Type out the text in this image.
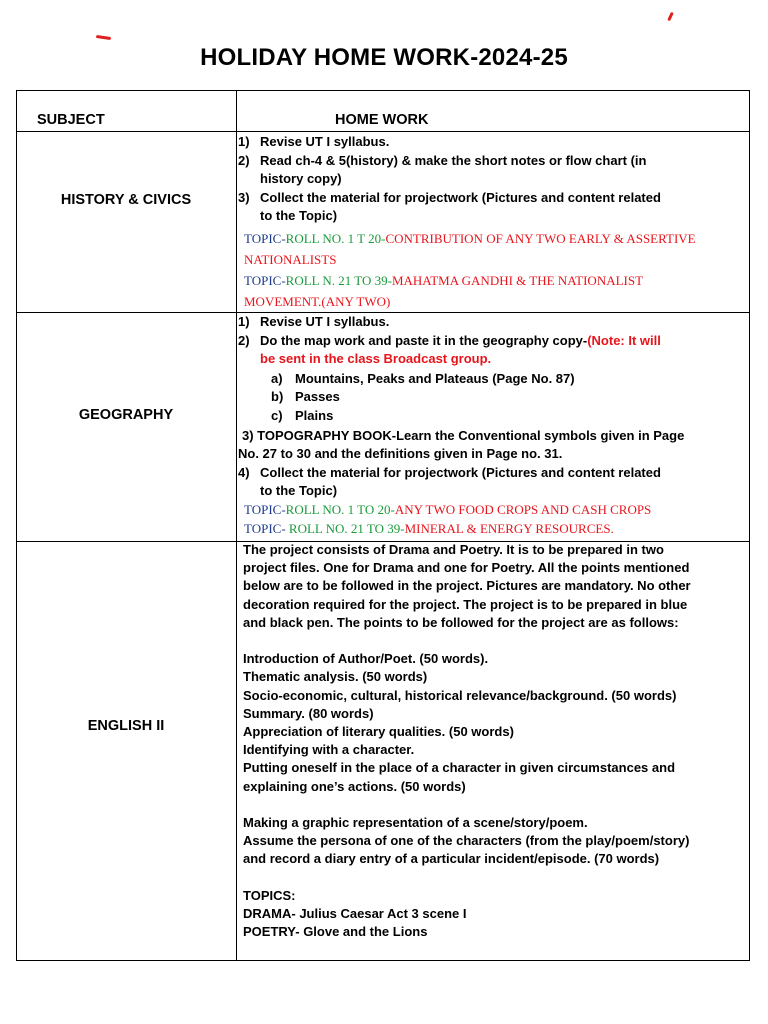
HOLIDAY HOME WORK-2024-25
SUBJECT	HOME WORK
HISTORY & CIVICS
1) Revise UT I syllabus.
2) Read ch-4 & 5(history) & make the short notes or flow chart (in
history copy)
3) Collect the material for projectwork (Pictures and content related
to the Topic)
TOPIC-ROLL NO. 1 T 20-CONTRIBUTION OF ANY TWO EARLY & ASSERTIVE
NATIONALISTS
TOPIC-ROLL N. 21 TO 39-MAHATMA GANDHI & THE NATIONALIST
MOVEMENT.(ANY TWO)
GEOGRAPHY
1) Revise UT I syllabus.
2) Do the map work and paste it in the geography copy-(Note: It will
be sent in the class Broadcast group.
a) Mountains, Peaks and Plateaus (Page No. 87)
b) Passes
c) Plains
3) TOPOGRAPHY BOOK-Learn the Conventional symbols given in Page
No. 27 to 30 and the definitions given in Page no. 31.
4) Collect the material for projectwork (Pictures and content related
to the Topic)
TOPIC-ROLL NO. 1 TO 20-ANY TWO FOOD CROPS AND CASH CROPS
TOPIC- ROLL NO. 21 TO 39-MINERAL & ENERGY RESOURCES.
ENGLISH II
The project consists of Drama and Poetry. It is to be prepared in two
project files. One for Drama and one for Poetry. All the points mentioned
below are to be followed in the project. Pictures are mandatory. No other
decoration required for the project. The project is to be prepared in blue
and black pen. The points to be followed for the project are as follows:
Introduction of Author/Poet. (50 words).
Thematic analysis. (50 words)
Socio-economic, cultural, historical relevance/background. (50 words)
Summary. (80 words)
Appreciation of literary qualities. (50 words)
Identifying with a character.
Putting oneself in the place of a character in given circumstances and
explaining one’s actions. (50 words)
Making a graphic representation of a scene/story/poem.
Assume the persona of one of the characters (from the play/poem/story)
and record a diary entry of a particular incident/episode. (70 words)
TOPICS:
DRAMA- Julius Caesar Act 3 scene I
POETRY- Glove and the Lions
